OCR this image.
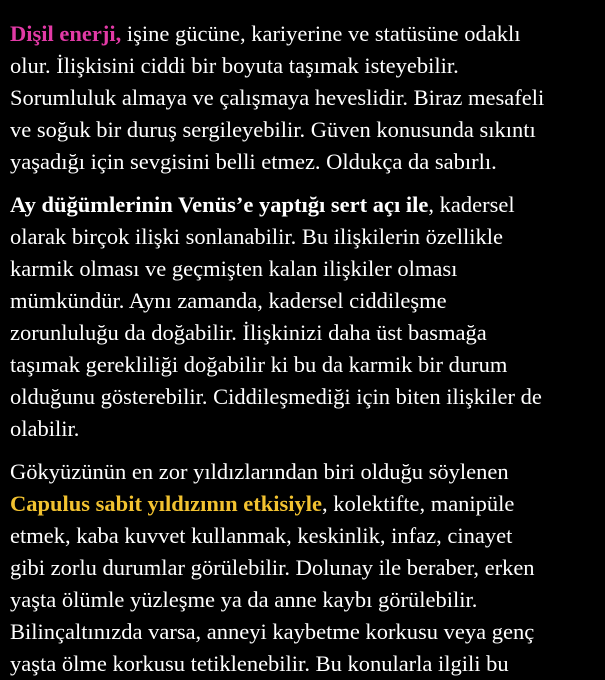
Dişil enerji, işine gücüne, kariyerine ve statüsüne odaklı
olur. İlişkisini ciddi bir boyuta taşımak isteyebilir.
Sorumluluk almaya ve çalışmaya heveslidir. Biraz mesafeli
ve soğuk bir duruş sergileyebilir. Güven konusunda sıkıntı
yaşadığı için sevgisini belli etmez. Oldukça da sabırlı.

Ay düğümlerinin Venüs’e yaptığı sert açı ile, kadersel
olarak birçok ilişki sonlanabilir. Bu ilişkilerin özellikle
karmik olması ve geçmişten kalan ilişkiler olması
mümkündür. Aynı zamanda, kadersel ciddileşme
zorunluluğu da doğabilir. İlişkinizi daha üst basmağa
taşımak gerekliliği doğabilir ki bu da karmik bir durum
olduğunu gösterebilir. Ciddileşmediği için biten ilişkiler de
olabilir.

Gökyüzünün en zor yıldızlarından biri olduğu söylenen
Capulus sabit yıldızının etkisiyle, kolektifte, manipüle
etmek, kaba kuvvet kullanmak, keskinlik, infaz, cinayet
gibi zorlu durumlar görülebilir. Dolunay ile beraber, erken
yaşta ölümle yüzleşme ya da anne kaybı görülebilir.
Bilinçaltınızda varsa, anneyi kaybetme korkusu veya genç
yaşta ölme korkusu tetiklenebilir. Bu konularla ilgili bu
